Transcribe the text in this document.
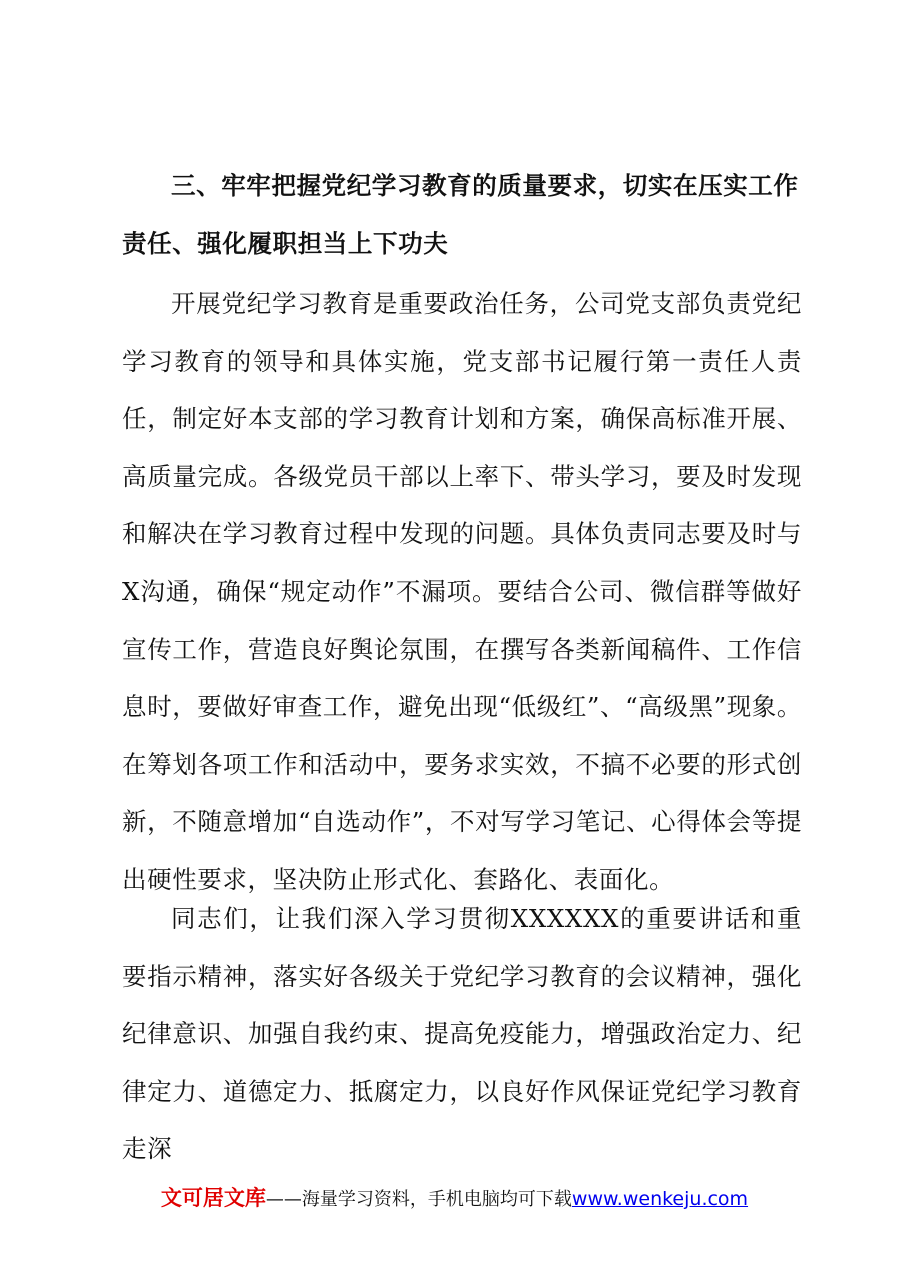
三、牢牢把握党纪学习教育的质量要求，切实在压实工作责任、强化履职担当上下功夫

开展党纪学习教育是重要政治任务，公司党支部负责党纪学习教育的领导和具体实施，党支部书记履行第一责任人责任，制定好本支部的学习教育计划和方案，确保高标准开展、高质量完成。各级党员干部以上率下、带头学习，要及时发现和解决在学习教育过程中发现的问题。具体负责同志要及时与X沟通，确保“规定动作”不漏项。要结合公司、微信群等做好宣传工作，营造良好舆论氛围，在撰写各类新闻稿件、工作信息时，要做好审查工作，避免出现“低级红”、“高级黑”现象。在筹划各项工作和活动中，要务求实效，不搞不必要的形式创新，不随意增加“自选动作”，不对写学习笔记、心得体会等提出硬性要求，坚决防止形式化、套路化、表面化。

同志们，让我们深入学习贯彻XXXXXX的重要讲话和重要指示精神，落实好各级关于党纪学习教育的会议精神，强化纪律意识、加强自我约束、提高免疫能力，增强政治定力、纪律定力、道德定力、抵腐定力，以良好作风保证党纪学习教育走深

文可居文库——海量学习资料，手机电脑均可下载www.wenkeju.com
